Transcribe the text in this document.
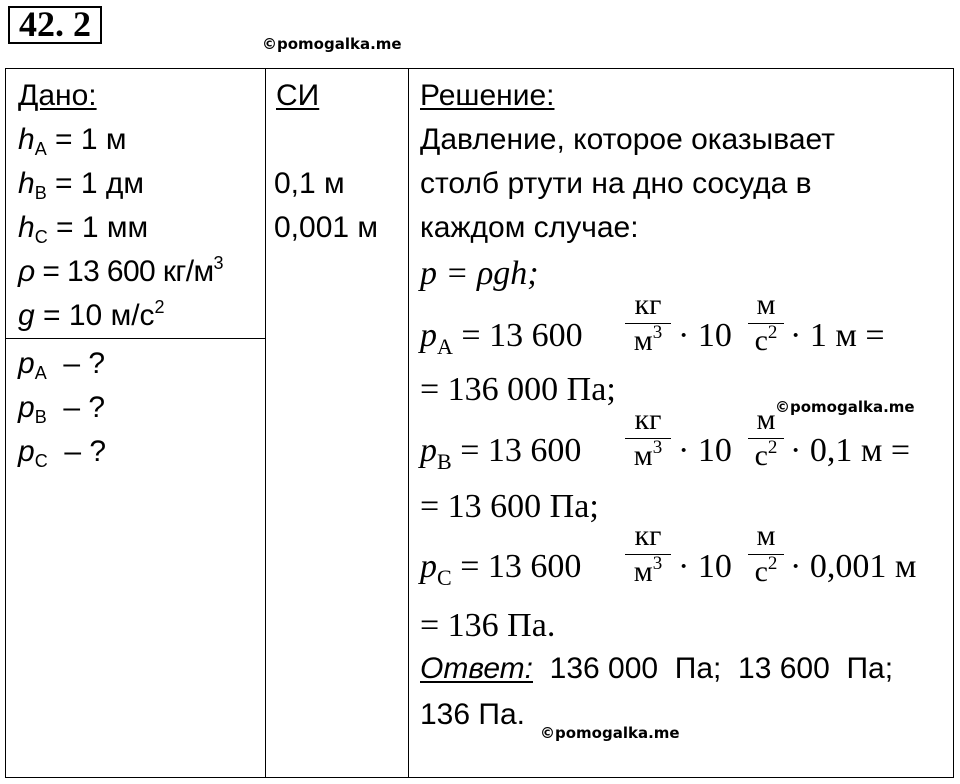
42. 2	©pomogalka.me
Дано:
$h_A = 1$ м
$h_B = 1$ дм
$h_C = 1$ мм
ρ = 13 600 $кг/м^3$
g = 10 $м/с^2$
$p_A$  – ?
$p_B$  – ?
$p_C$  – ?
СИ
0,1 м
0,001 м
Решение:
Давление, которое оказывает
столб ртути на дно сосуда в
каждом случае:
p = ρgh;
$p_A = 13$ 600
кг
$м^3 \cdot 10$
м
$с^2 \cdot 1$ м =
= 136 000 Па;	©pomogalka.me
$p_B = 13$ 600
кг
$м^3 \cdot 10$
м
$с^2 \cdot 0,1$ м =
= 13 600 Па;
$p_C = 13$ 600
кг
$м^3 \cdot 10$
м
$с^2 \cdot 0,001$ м
= 136 Па.
Ответ:  136 000  Па;  13 600  Па;
136 Па.
©pomogalka.me
